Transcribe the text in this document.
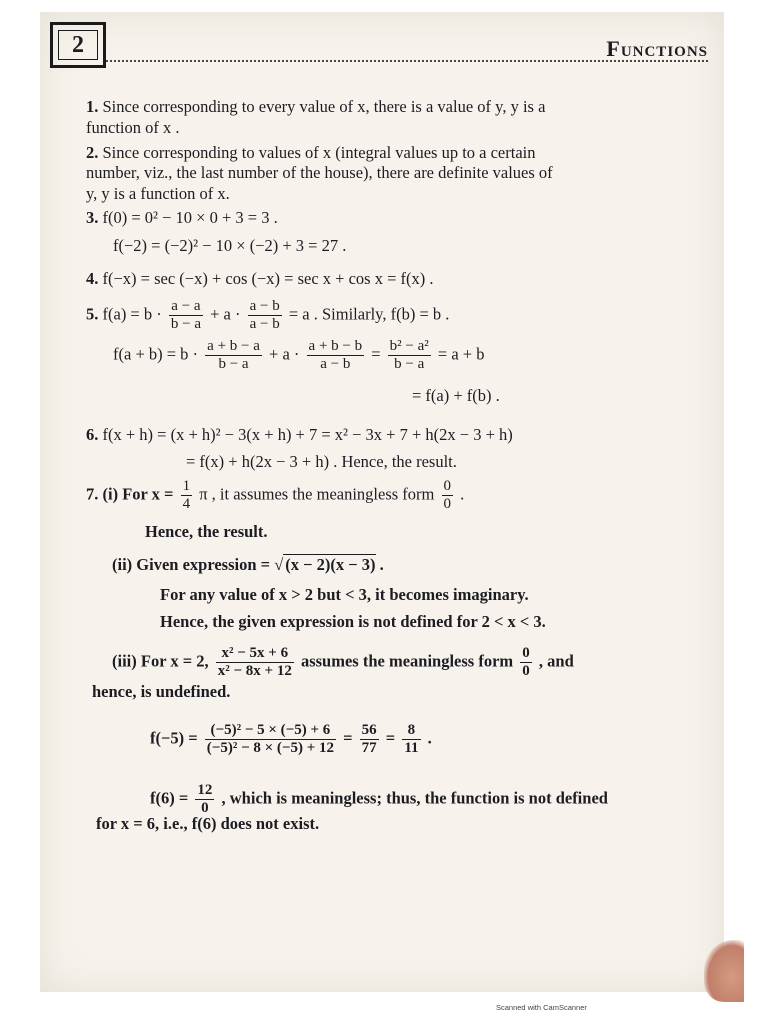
2	Functions
1. Since corresponding to every value of x, there is a value of y, y is a
function of x .
2. Since corresponding to values of x (integral values up to a certain
number, viz., the last number of the house), there are definite values of
y, y is a function of x.
3. f(0) = 0² − 10 × 0 + 3 = 3 .
f(−2) = (−2)² − 10 × (−2) + 3 = 27 .
4. f(−x) = sec (−x) + cos (−x) = sec x + cos x = f(x) .
5. $f(a) = b \cdot \frac{a - a}{b - a} + a \cdot \frac{a - b}{a - b} = a$ . Similarly, f(b) = b .
$f(a + b) = b \cdot \frac{a + b - a}{b - a} + a \cdot \frac{a + b - b}{a - b} = \frac{\text{b² − a²}}{b - a} = a + b$
= f(a) + f(b) .
6. f(x + h) = (x + h)² − 3(x + h) + 7 = x² − 3x + 7 + h(2x − 3 + h)
= f(x) + h(2x − 3 + h) . Hence, the result.
7. (i) For $x = \frac{1}{4}$ π , it assumes the meaningless form $\frac{0}{0}$ .
Hence, the result.
(ii) Given expression = √ (x − 2)(x − 3) .
For any value of x > 2 but < 3, it becomes imaginary.
Hence, the given expression is not defined for 2 < x < 3.
(iii) For x = 2, $\frac{\text{x² − 5x + 6}}{\text{x² − 8x + 12}}$ assumes the meaningless form $\frac{0}{0}$ , and
hence, is undefined.
$f(-5) = \frac{\text{(−5)² − 5 × (−5) + 6}}{\text{(−5)² − 8 × (−5) + 12}} = \frac{56}{77} = \frac{8}{11}$ .
$f(6) = \frac{12}{0}$ , which is meaningless; thus, the function is not defined
for x = 6, i.e., f(6) does not exist.
Scanned with CamScanner
